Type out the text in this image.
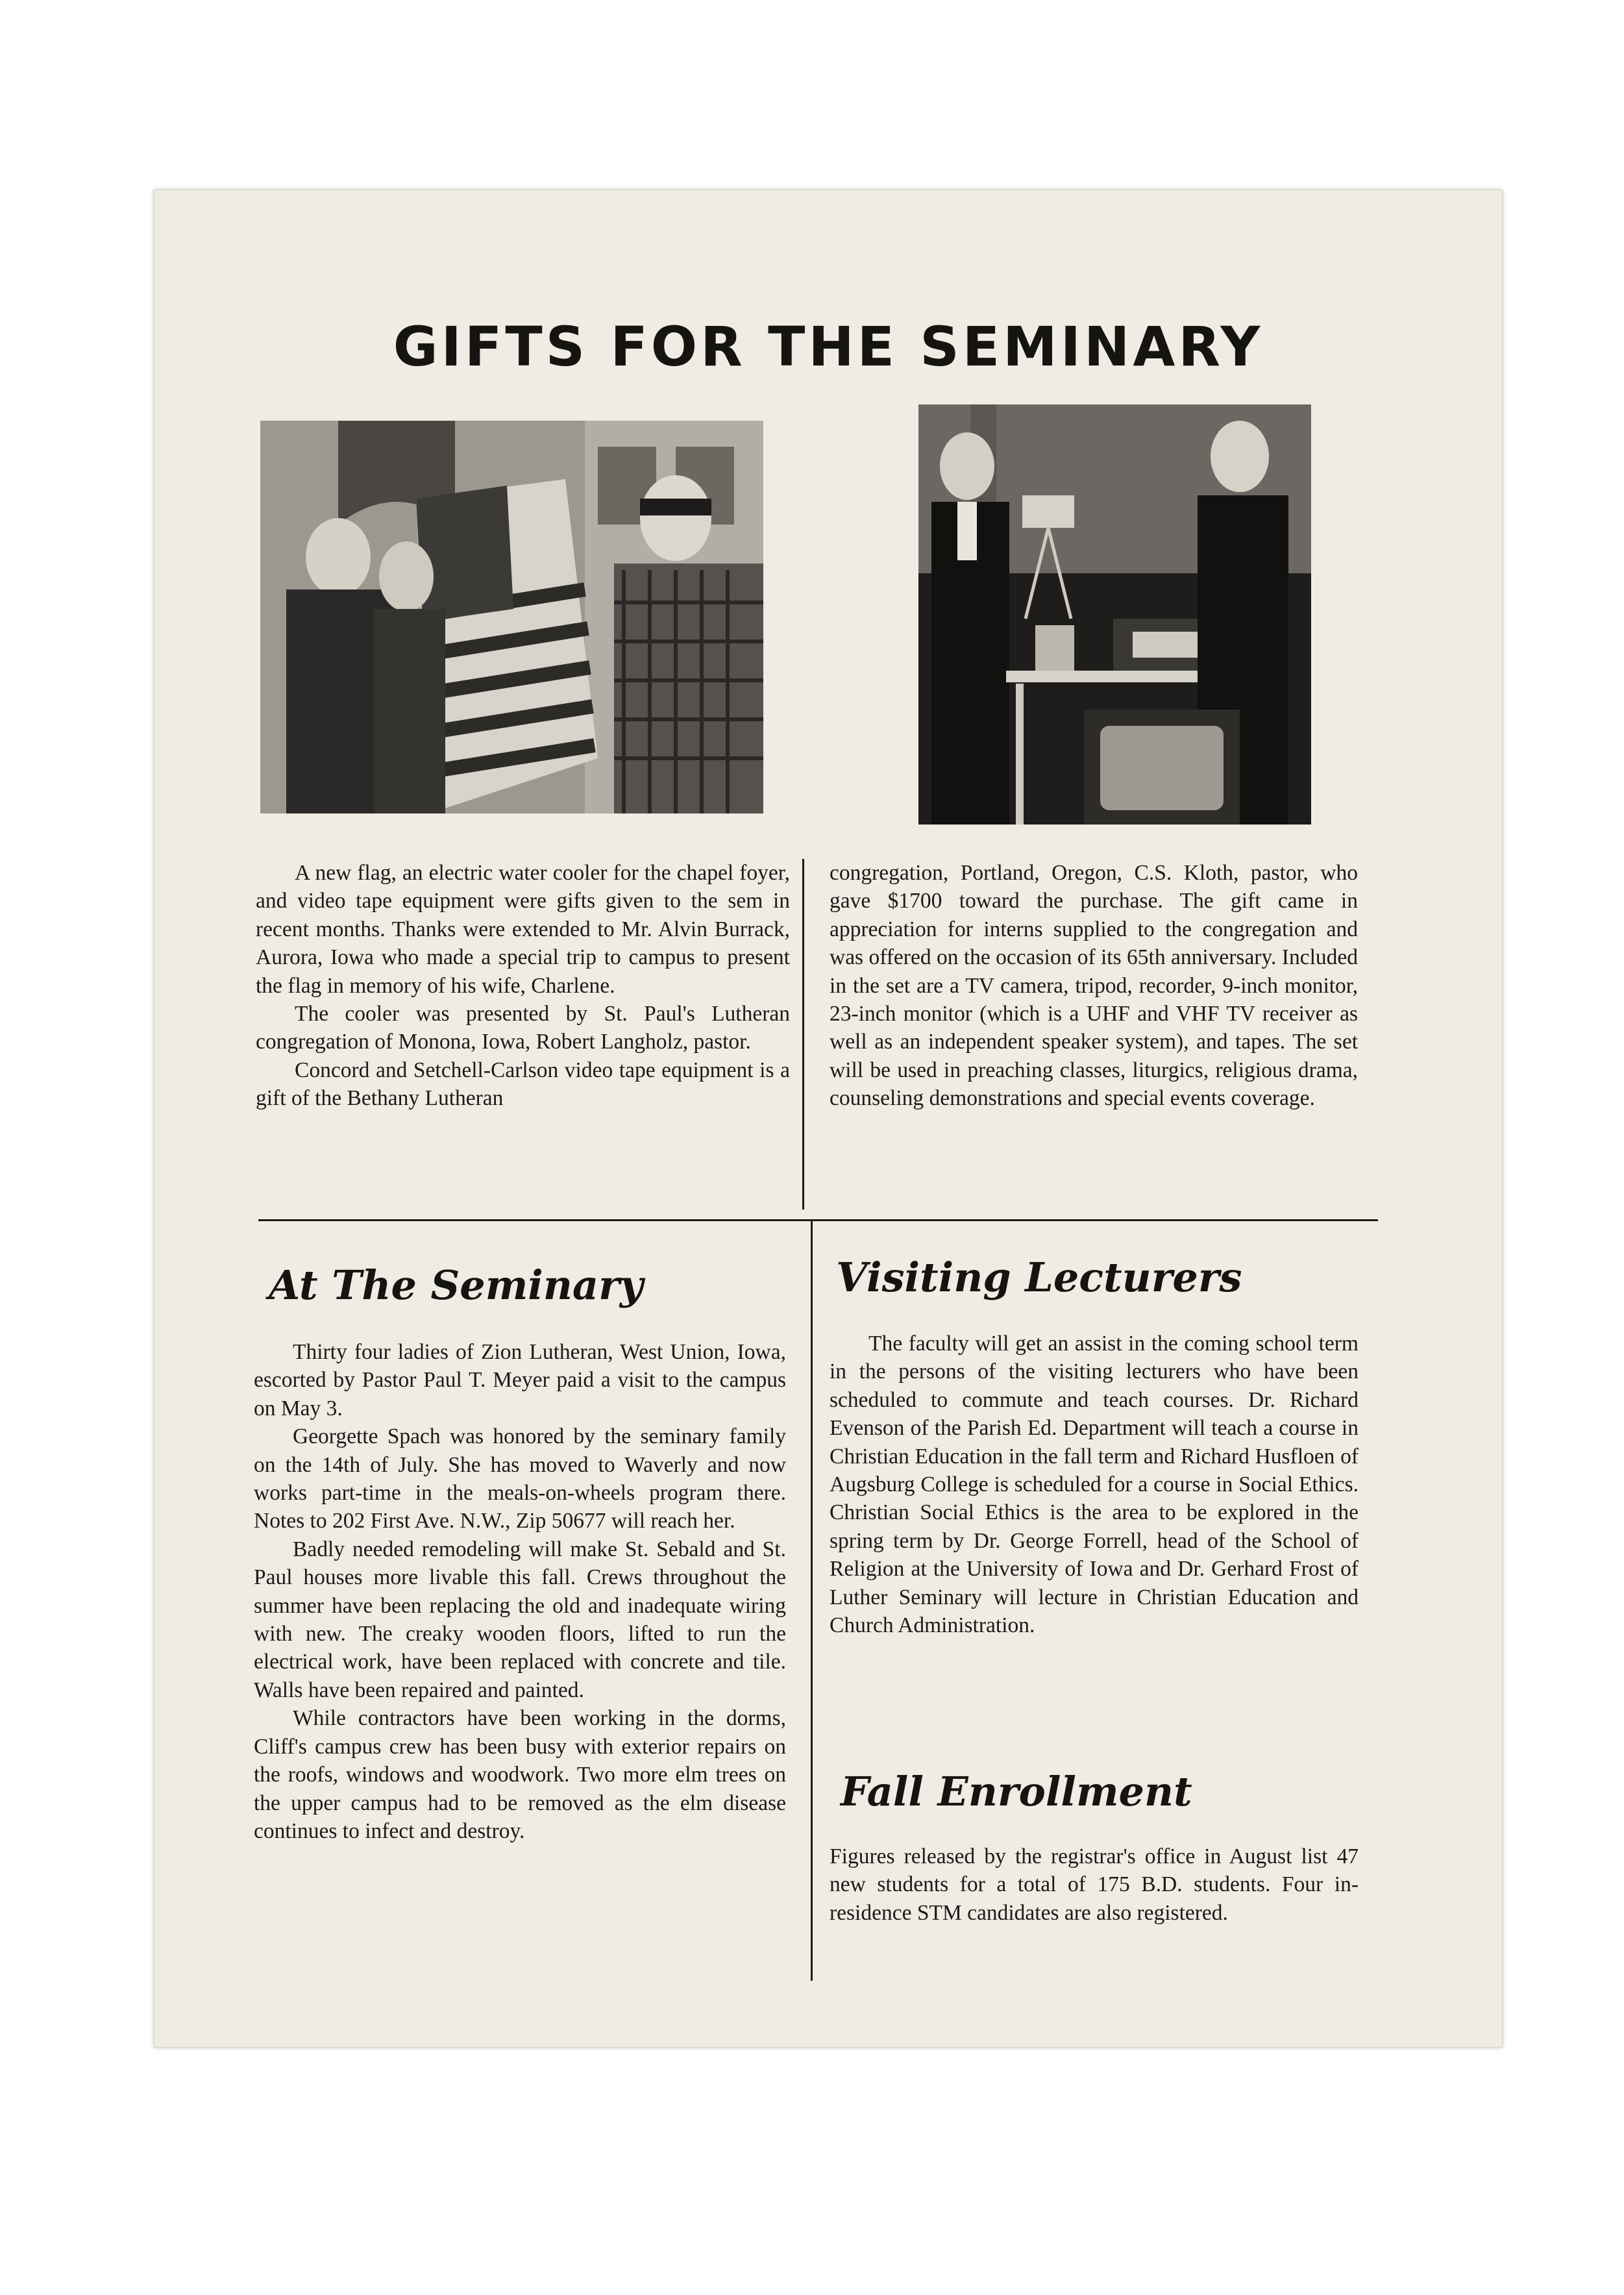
GIFTS FOR THE SEMINARY

A new flag, an electric water cooler for the chapel foyer, and video tape equipment were gifts given to the sem in recent months. Thanks were extended to Mr. Alvin Burrack, Aurora, Iowa who made a special trip to campus to present the flag in memory of his wife, Charlene.

The cooler was presented by St. Paul's Lutheran congregation of Monona, Iowa, Robert Langholz, pastor.

Concord and Setchell-Carlson video tape equipment is a gift of the Bethany Lutheran

congregation, Portland, Oregon, C.S. Kloth, pastor, who gave $1700 toward the purchase. The gift came in appreciation for interns supplied to the congregation and was offered on the occasion of its 65th anniversary. Included in the set are a TV camera, tripod, recorder, 9-inch monitor, 23-inch monitor (which is a UHF and VHF TV receiver as well as an independent speaker system), and tapes. The set will be used in preaching classes, liturgics, religious drama, counseling demonstrations and special events coverage.

At The Seminary

Thirty four ladies of Zion Lutheran, West Union, Iowa, escorted by Pastor Paul T. Meyer paid a visit to the campus on May 3.

Georgette Spach was honored by the seminary family on the 14th of July. She has moved to Waverly and now works part-time in the meals-on-wheels program there. Notes to 202 First Ave. N.W., Zip 50677 will reach her.

Badly needed remodeling will make St. Sebald and St. Paul houses more livable this fall. Crews throughout the summer have been replacing the old and inadequate wiring with new. The creaky wooden floors, lifted to run the electrical work, have been replaced with concrete and tile. Walls have been repaired and painted.

While contractors have been working in the dorms, Cliff's campus crew has been busy with exterior repairs on the roofs, windows and woodwork. Two more elm trees on the upper campus had to be removed as the elm disease continues to infect and destroy.

Visiting Lecturers

The faculty will get an assist in the coming school term in the persons of the visiting lecturers who have been scheduled to commute and teach courses. Dr. Richard Evenson of the Parish Ed. Department will teach a course in Christian Education in the fall term and Richard Husfloen of Augsburg College is scheduled for a course in Social Ethics. Christian Social Ethics is the area to be explored in the spring term by Dr. George Forrell, head of the School of Religion at the University of Iowa and Dr. Gerhard Frost of Luther Seminary will lecture in Christian Education and Church Administration.

Fall Enrollment

Figures released by the registrar's office in August list 47 new students for a total of 175 B.D. students. Four in-residence STM candidates are also registered.
